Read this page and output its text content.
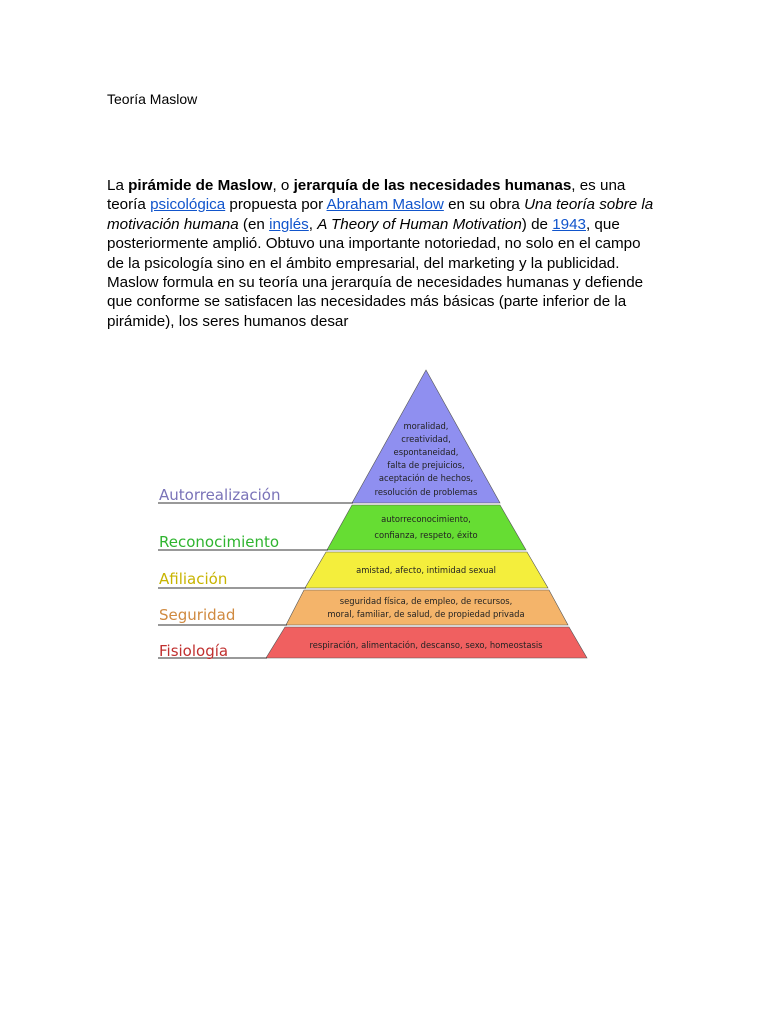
Teoría Maslow

La pirámide de Maslow, o jerarquía de las necesidades humanas, es una teoría psicológica propuesta por Abraham Maslow en su obra Una teoría sobre la motivación humana (en inglés, A Theory of Human Motivation) de 1943, que posteriormente amplió. Obtuvo una importante notoriedad, no solo en el campo de la psicología sino en el ámbito empresarial, del marketing y la publicidad. Maslow formula en su teoría una jerarquía de necesidades humanas y defiende que conforme se satisfacen las necesidades más básicas (parte inferior de la pirámide), los seres humanos desar

Autorrealización
Reconocimiento
Afiliación
Seguridad
Fisiología
moralidad,
creatividad,
espontaneidad,
falta de prejuicios,
aceptación de hechos,
resolución de problemas
autorreconocimiento,
confianza, respeto, éxito
amistad, afecto, intimidad sexual
seguridad física, de empleo, de recursos,
moral, familiar, de salud, de propiedad privada
respiración, alimentación, descanso, sexo, homeostasis
